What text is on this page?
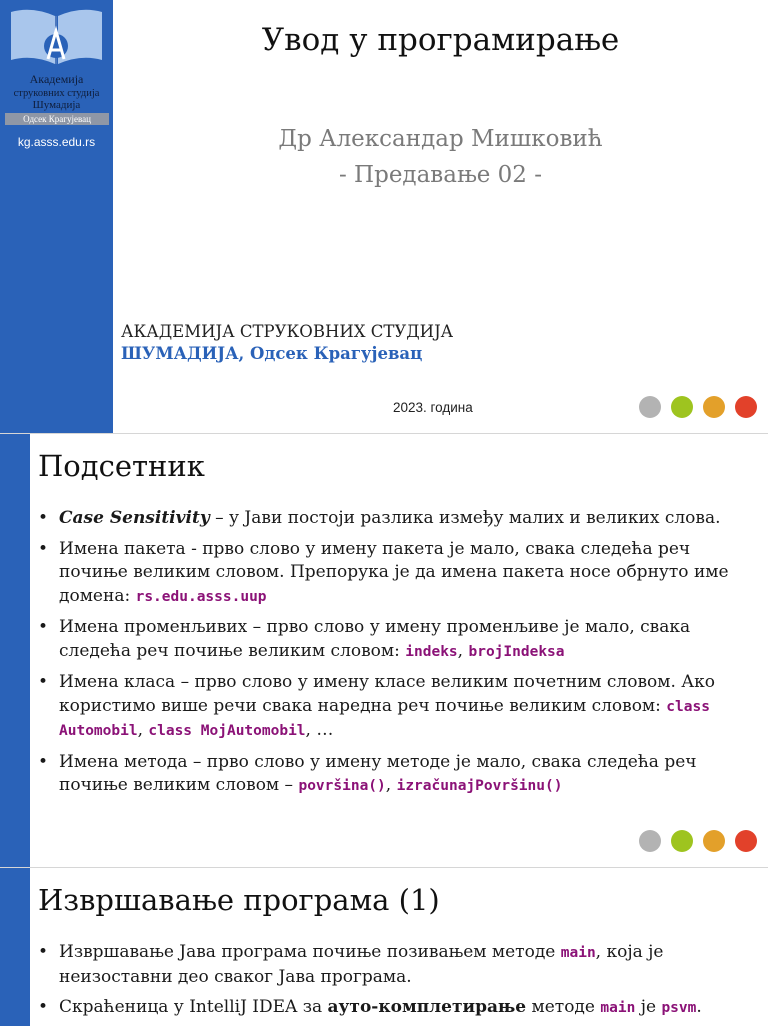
Академија
струковних студија
Шумадија
Одсек Крагујевац
kg.asss.edu.rs
Увод у програмирање
Др Александар Мишковић
- Предавање 02 -
АКАДЕМИЈА СТРУКОВНИХ СТУДИЈА
ШУМАДИЈА, Одсек Крагујевац
2023. година
Подсетник
• Case Sensitivity – у Јави постоји разлика између малих и великих слова.
• Имена пакета - прво слово у имену пакета је мало, свака следећа реч почиње великим словом. Препорука је да имена пакета носе обрнуто име домена: rs.edu.asss.uup
• Имена променљивих – прво слово у имену променљиве је мало, свака следећа реч почиње великим словом: indeks, brojIndeksa
• Имена класа – прво слово у имену класе великим почетним словом. Ако користимо више речи свака наредна реч почиње великим словом: class Automobil, class MojAutomobil, …
• Имена метода – прво слово у имену методе је мало, свака следећа реч почиње великим словом – površina(), izračunajPovršinu()
Извршавање програма (1)
• Извршавање Јава програма почиње позивањем методе main, која је неизоставни део сваког Јава програма.
• Скраћеница у IntelliJ IDEA за ауто-комплетирање методе main је psvm.
